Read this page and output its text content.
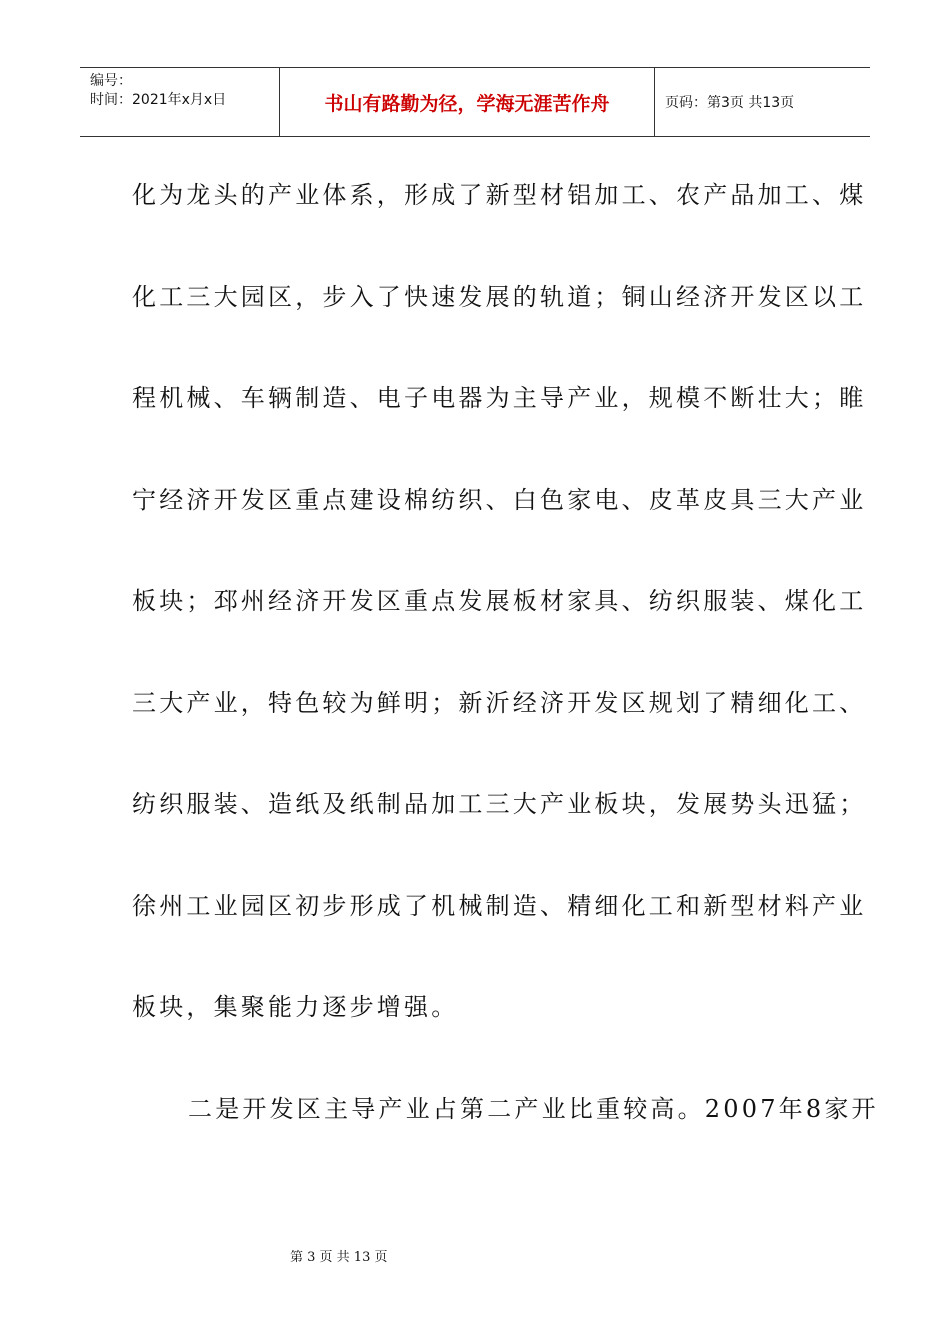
编号：
时间：2021年x月x日	书山有路勤为径，学海无涯苦作舟	页码：第3页 共13页
化为龙头的产业体系，形成了新型材铝加工、农产品加工、煤
化工三大园区，步入了快速发展的轨道；铜山经济开发区以工
程机械、车辆制造、电子电器为主导产业，规模不断壮大；睢
宁经济开发区重点建设棉纺织、白色家电、皮革皮具三大产业
板块；邳州经济开发区重点发展板材家具、纺织服装、煤化工
三大产业，特色较为鲜明；新沂经济开发区规划了精细化工、
纺织服装、造纸及纸制品加工三大产业板块，发展势头迅猛；
徐州工业园区初步形成了机械制造、精细化工和新型材料产业
板块，集聚能力逐步增强。
二是开发区主导产业占第二产业比重较高。2007年8家开
第 3 页 共 13 页
